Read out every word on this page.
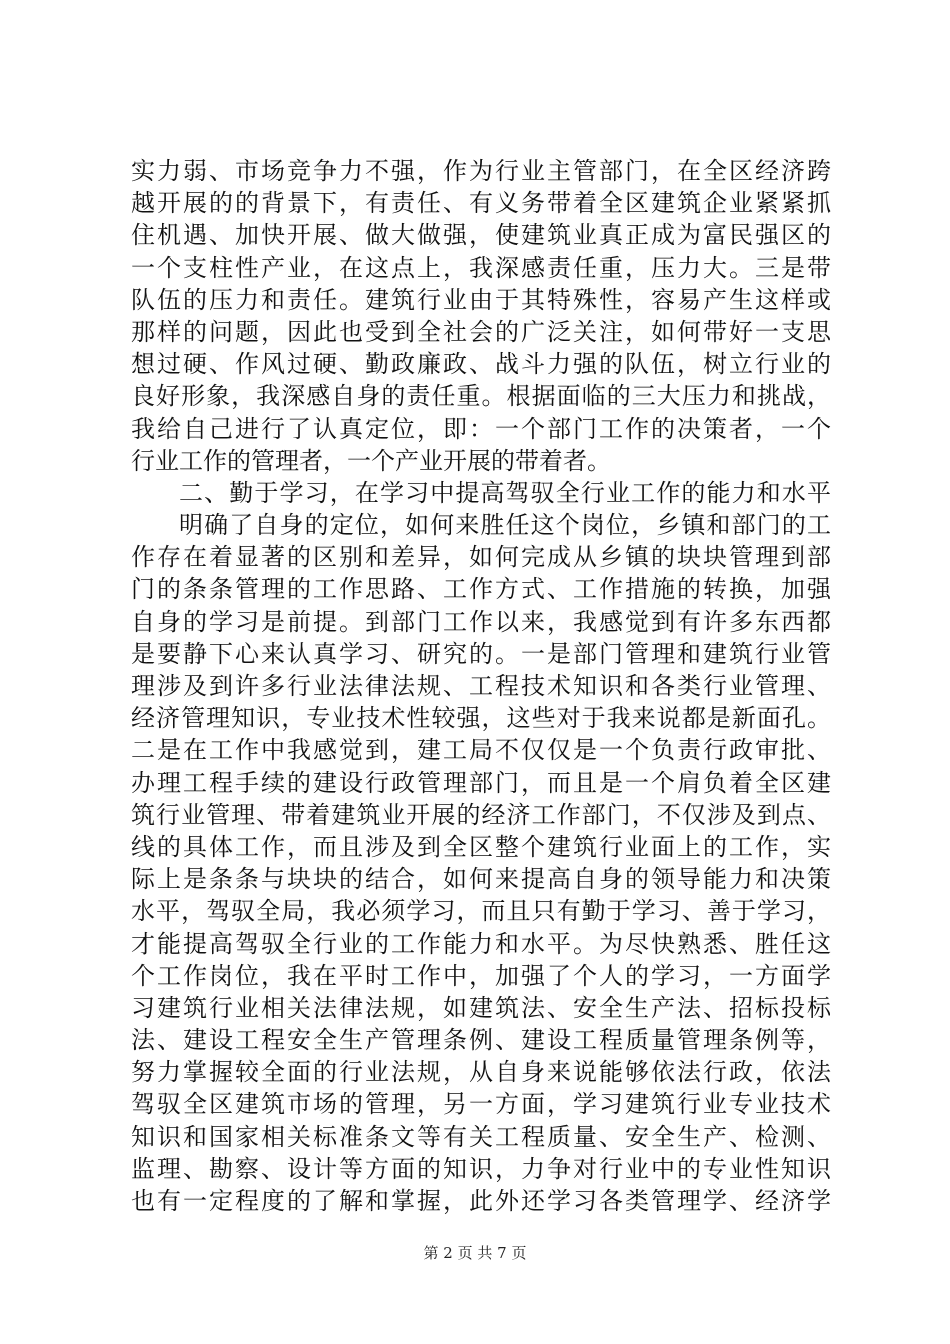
实力弱、市场竞争力不强，作为行业主管部门，在全区经济跨
越开展的的背景下，有责任、有义务带着全区建筑企业紧紧抓
住机遇、加快开展、做大做强，使建筑业真正成为富民强区的
一个支柱性产业，在这点上，我深感责任重，压力大。三是带
队伍的压力和责任。建筑行业由于其特殊性，容易产生这样或
那样的问题，因此也受到全社会的广泛关注，如何带好一支思
想过硬、作风过硬、勤政廉政、战斗力强的队伍，树立行业的
良好形象，我深感自身的责任重。根据面临的三大压力和挑战，
我给自己进行了认真定位，即：一个部门工作的决策者，一个
行业工作的管理者，一个产业开展的带着者。
二、勤于学习，在学习中提高驾驭全行业工作的能力和水平
明确了自身的定位，如何来胜任这个岗位，乡镇和部门的工
作存在着显著的区别和差异，如何完成从乡镇的块块管理到部
门的条条管理的工作思路、工作方式、工作措施的转换，加强
自身的学习是前提。到部门工作以来，我感觉到有许多东西都
是要静下心来认真学习、研究的。一是部门管理和建筑行业管
理涉及到许多行业法律法规、工程技术知识和各类行业管理、
经济管理知识，专业技术性较强，这些对于我来说都是新面孔。
二是在工作中我感觉到，建工局不仅仅是一个负责行政审批、
办理工程手续的建设行政管理部门，而且是一个肩负着全区建
筑行业管理、带着建筑业开展的经济工作部门，不仅涉及到点、
线的具体工作，而且涉及到全区整个建筑行业面上的工作，实
际上是条条与块块的结合，如何来提高自身的领导能力和决策
水平，驾驭全局，我必须学习，而且只有勤于学习、善于学习，
才能提高驾驭全行业的工作能力和水平。为尽快熟悉、胜任这
个工作岗位，我在平时工作中，加强了个人的学习，一方面学
习建筑行业相关法律法规，如建筑法、安全生产法、招标投标
法、建设工程安全生产管理条例、建设工程质量管理条例等，
努力掌握较全面的行业法规，从自身来说能够依法行政，依法
驾驭全区建筑市场的管理，另一方面，学习建筑行业专业技术
知识和国家相关标准条文等有关工程质量、安全生产、检测、
监理、勘察、设计等方面的知识，力争对行业中的专业性知识
也有一定程度的了解和掌握，此外还学习各类管理学、经济学
第 2 页 共 7 页
